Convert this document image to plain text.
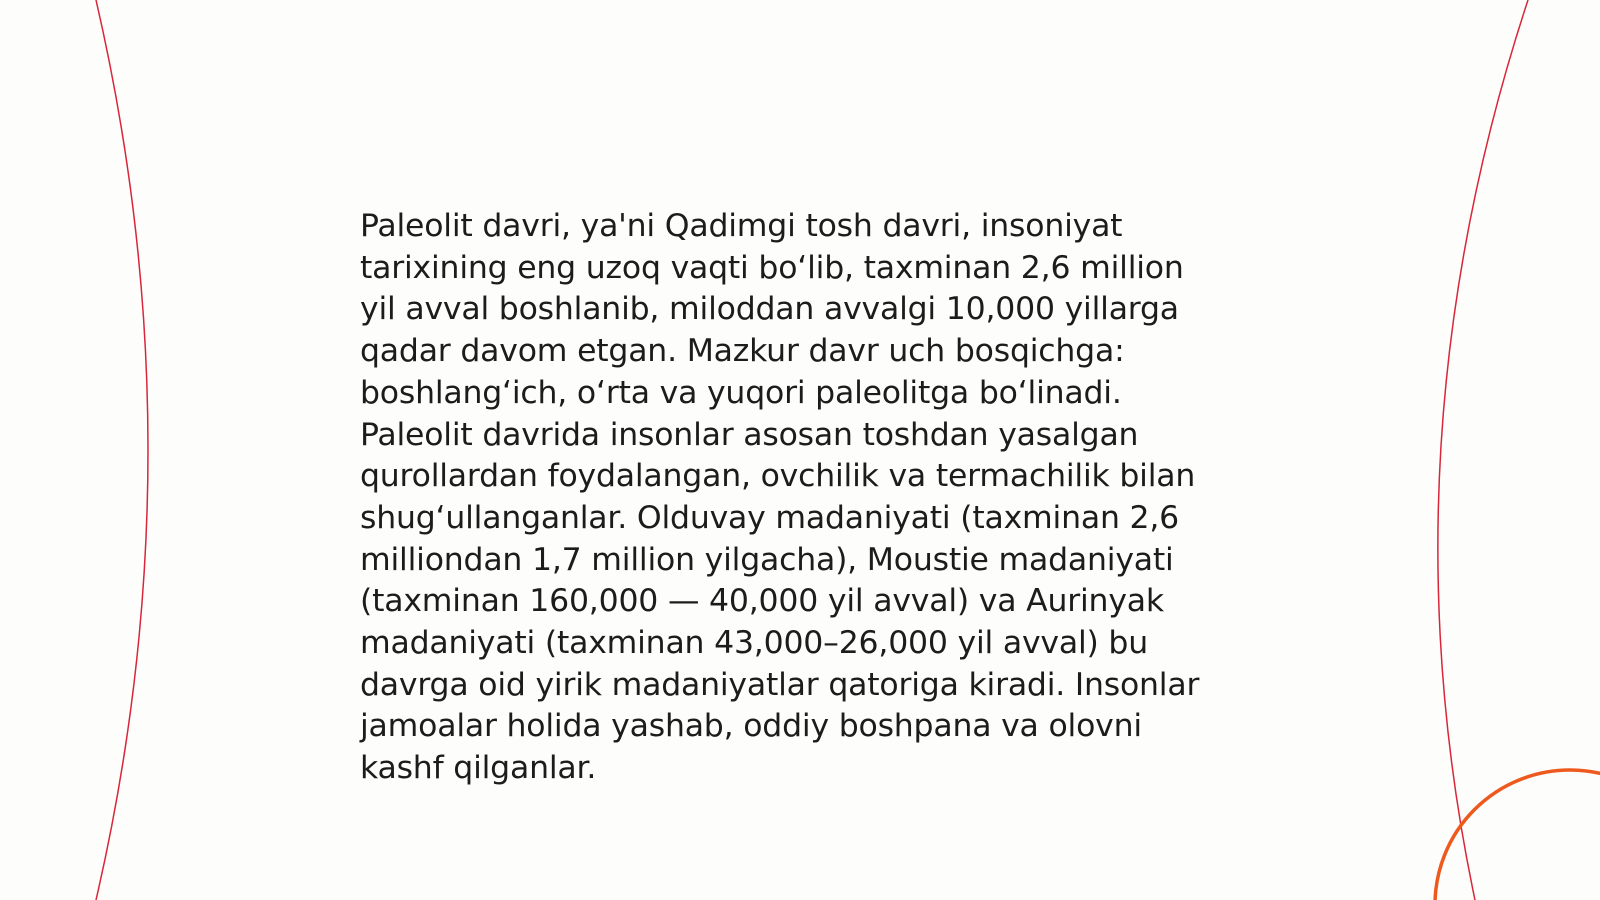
Paleolit davri, ya'ni Qadimgi tosh davri, insoniyat
tarixining eng uzoq vaqti bo‘lib, taxminan 2,6 million
yil avval boshlanib, miloddan avvalgi 10,000 yillarga
qadar davom etgan. Mazkur davr uch bosqichga:
boshlang‘ich, o‘rta va yuqori paleolitga bo‘linadi.
Paleolit davrida insonlar asosan toshdan yasalgan
qurollardan foydalangan, ovchilik va termachilik bilan
shug‘ullanganlar. Olduvay madaniyati (taxminan 2,6
milliondan 1,7 million yilgacha), Moustie madaniyati
(taxminan 160,000 — 40,000 yil avval) va Aurinyak
madaniyati (taxminan 43,000–26,000 yil avval) bu
davrga oid yirik madaniyatlar qatoriga kiradi. Insonlar
jamoalar holida yashab, oddiy boshpana va olovni
kashf qilganlar.
